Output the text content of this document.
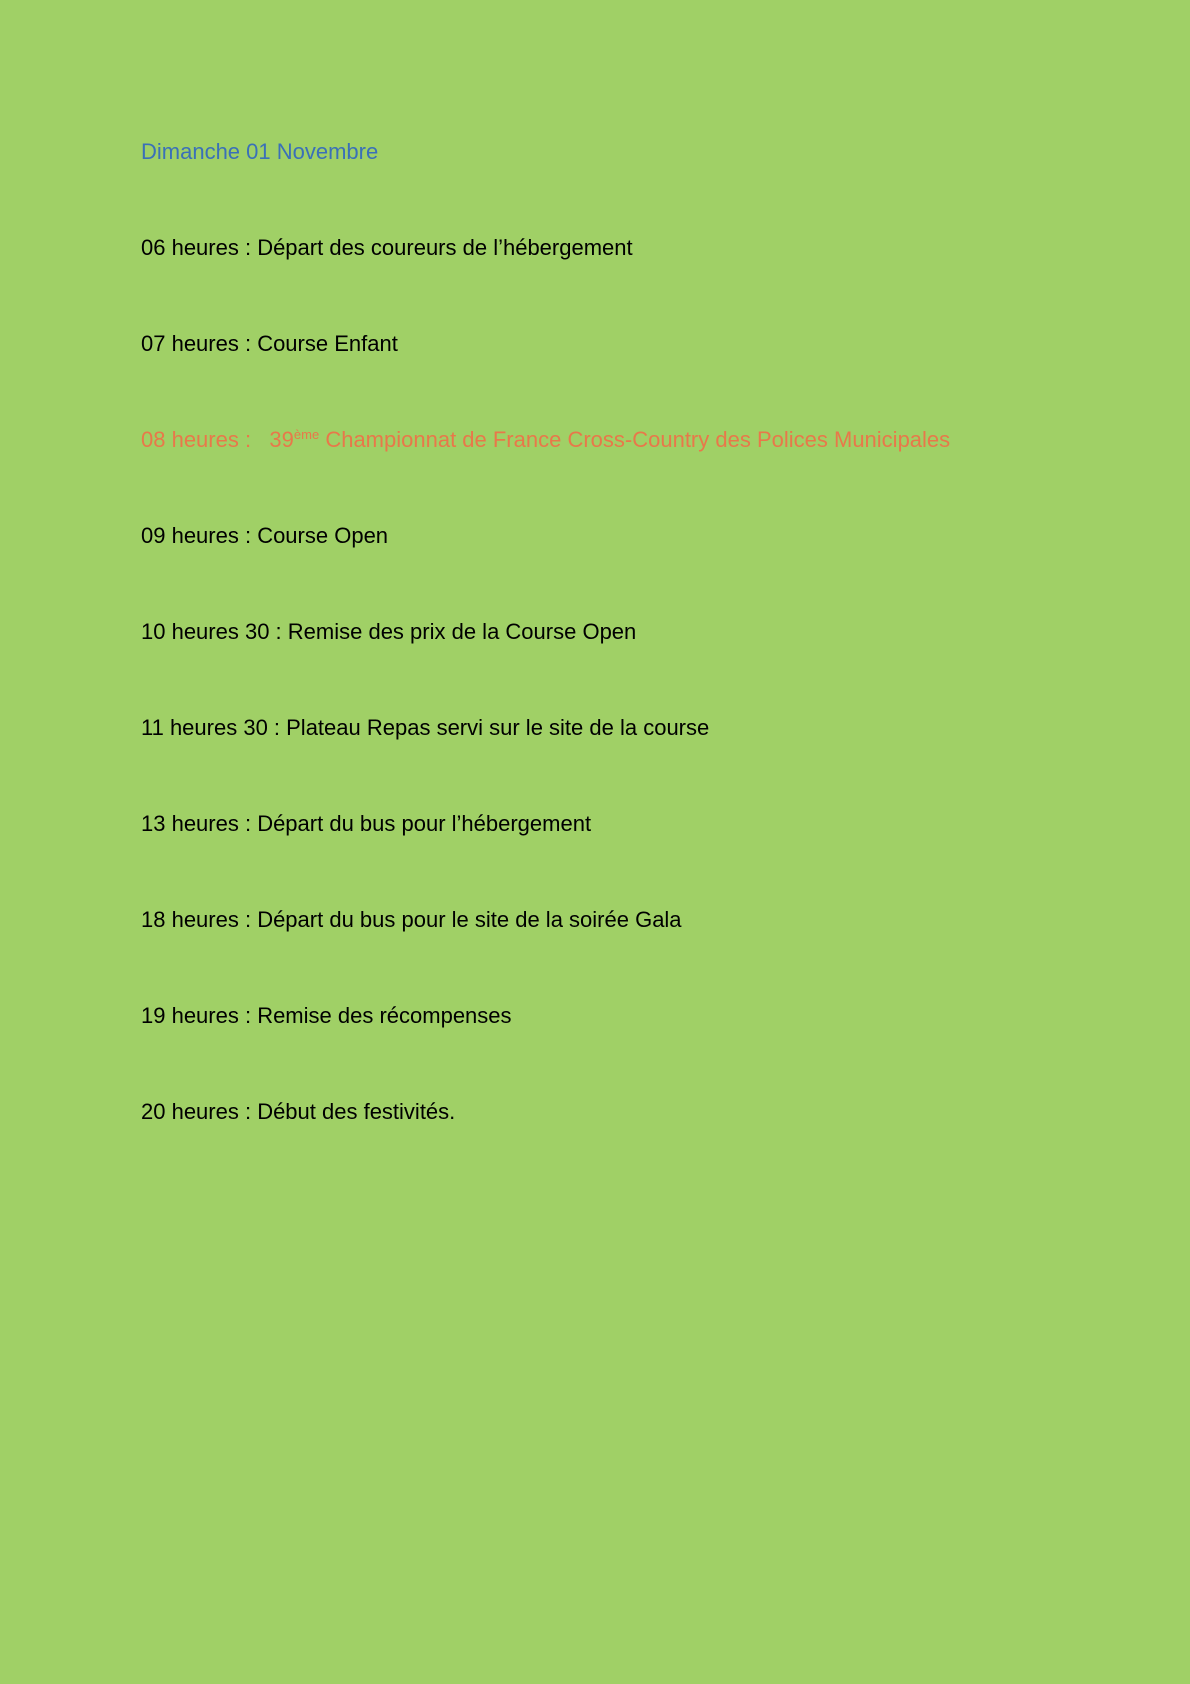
Dimanche 01 Novembre
06 heures : Départ des coureurs de l’hébergement
07 heures : Course Enfant
08 heures :   39ème Championnat de France Cross-Country des Polices Municipales
09 heures : Course Open
10 heures 30 : Remise des prix de la Course Open
11 heures 30 : Plateau Repas servi sur le site de la course
13 heures : Départ du bus pour l’hébergement
18 heures : Départ du bus pour le site de la soirée Gala
19 heures : Remise des récompenses
20 heures : Début des festivités.
